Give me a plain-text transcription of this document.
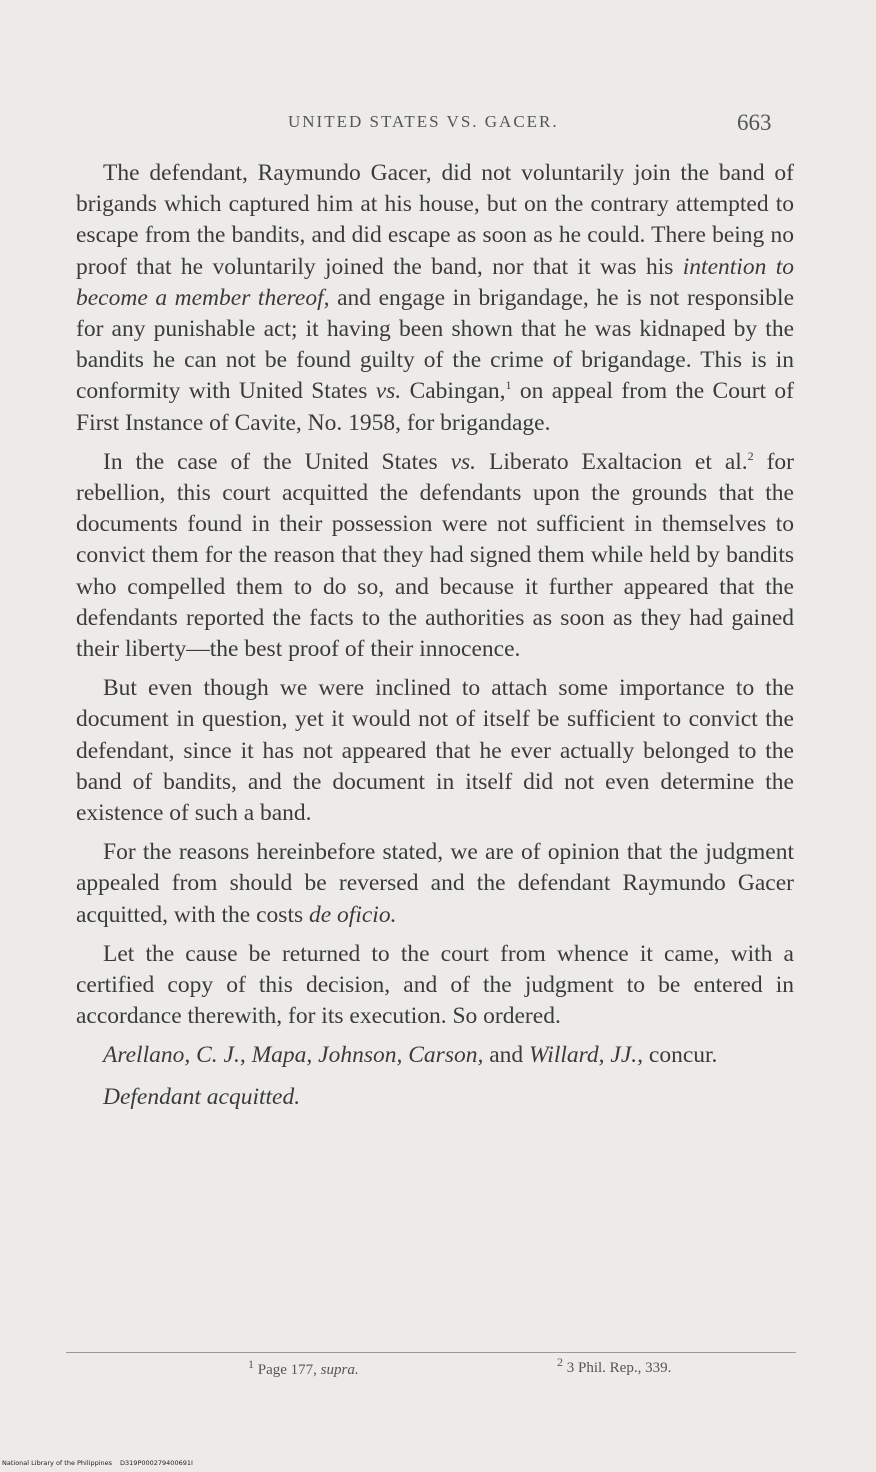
UNITED STATES VS. GACER.	663

The defendant, Raymundo Gacer, did not voluntarily join the band of brigands which captured him at his house, but on the contrary attempted to escape from the bandits, and did escape as soon as he could. There being no proof that he voluntarily joined the band, nor that it was his intention to become a member thereof, and engage in brigandage, he is not responsible for any punishable act; it having been shown that he was kidnaped by the bandits he can not be found guilty of the crime of brigandage. This is in conformity with United States vs. Cabingan,$^1$ on appeal from the Court of First Instance of Cavite, No. 1958, for brigandage.

In the case of the United States vs. Liberato Exaltacion et al.$^2$ for rebellion, this court acquitted the defendants upon the grounds that the documents found in their possession were not sufficient in themselves to convict them for the reason that they had signed them while held by bandits who compelled them to do so, and because it further appeared that the defendants reported the facts to the authorities as soon as they had gained their liberty—the best proof of their innocence.

But even though we were inclined to attach some importance to the document in question, yet it would not of itself be sufficient to convict the defendant, since it has not appeared that he ever actually belonged to the band of bandits, and the document in itself did not even determine the existence of such a band.

For the reasons hereinbefore stated, we are of opinion that the judgment appealed from should be reversed and the defendant Raymundo Gacer acquitted, with the costs de oficio.

Let the cause be returned to the court from whence it came, with a certified copy of this decision, and of the judgment to be entered in accordance therewith, for its execution. So ordered.

Arellano, C. J., Mapa, Johnson, Carson, and Willard, JJ., concur.

Defendant acquitted.

$^1$ Page 177, supra.	$^2$ 3 Phil. Rep., 339.
National Library of the Philippines D319P000279400691I
